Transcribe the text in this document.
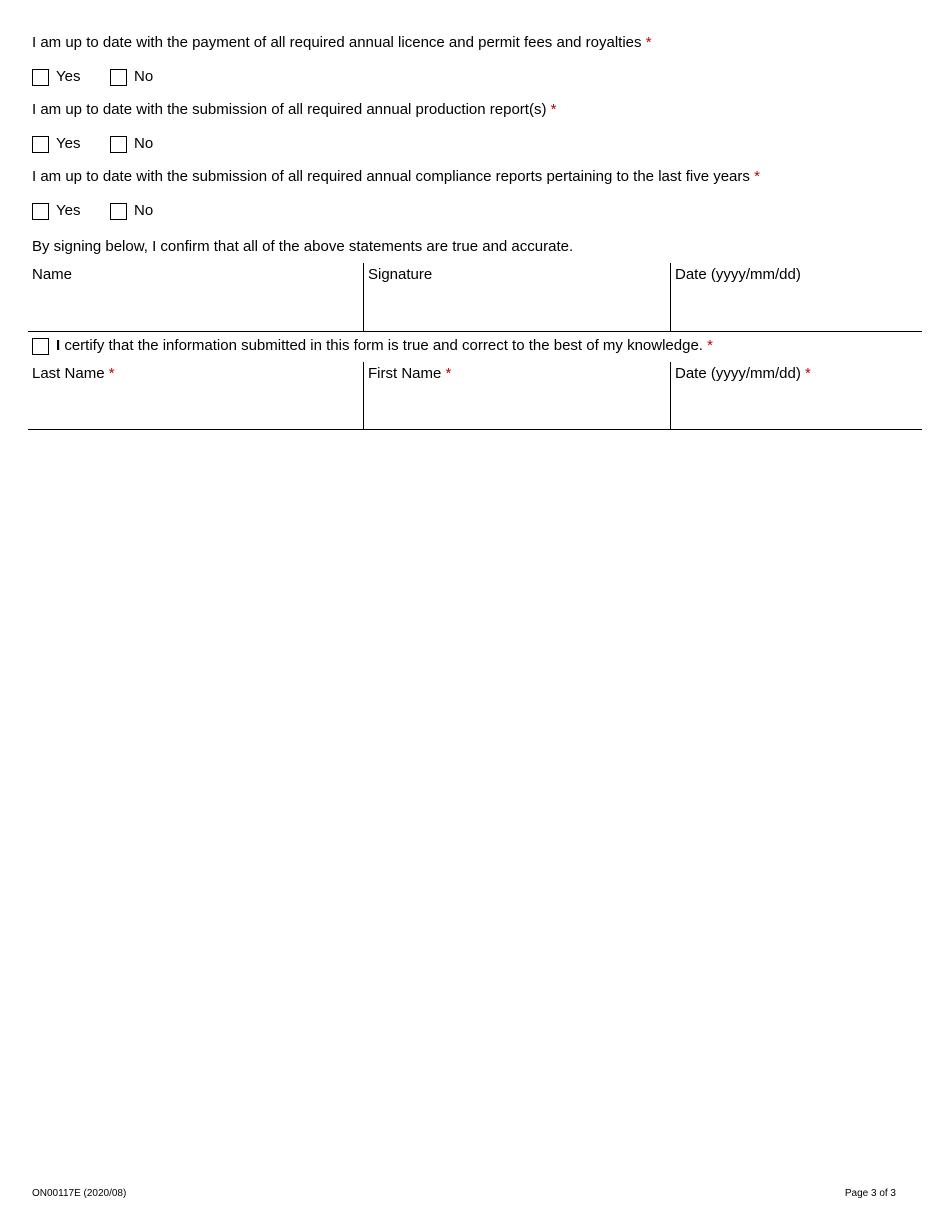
I am up to date with the payment of all required annual licence and permit fees and royalties *
Yes	No
I am up to date with the submission of all required annual production report(s) *
Yes	No
I am up to date with the submission of all required annual compliance reports pertaining to the last five years *
Yes	No
By signing below, I confirm that all of the above statements are true and accurate.
Name	Signature	Date (yyyy/mm/dd)
I certify that the information submitted in this form is true and correct to the best of my knowledge. *
Last Name *	First Name *	Date (yyyy/mm/dd) *
ON00117E (2020/08)	Page 3 of 3
